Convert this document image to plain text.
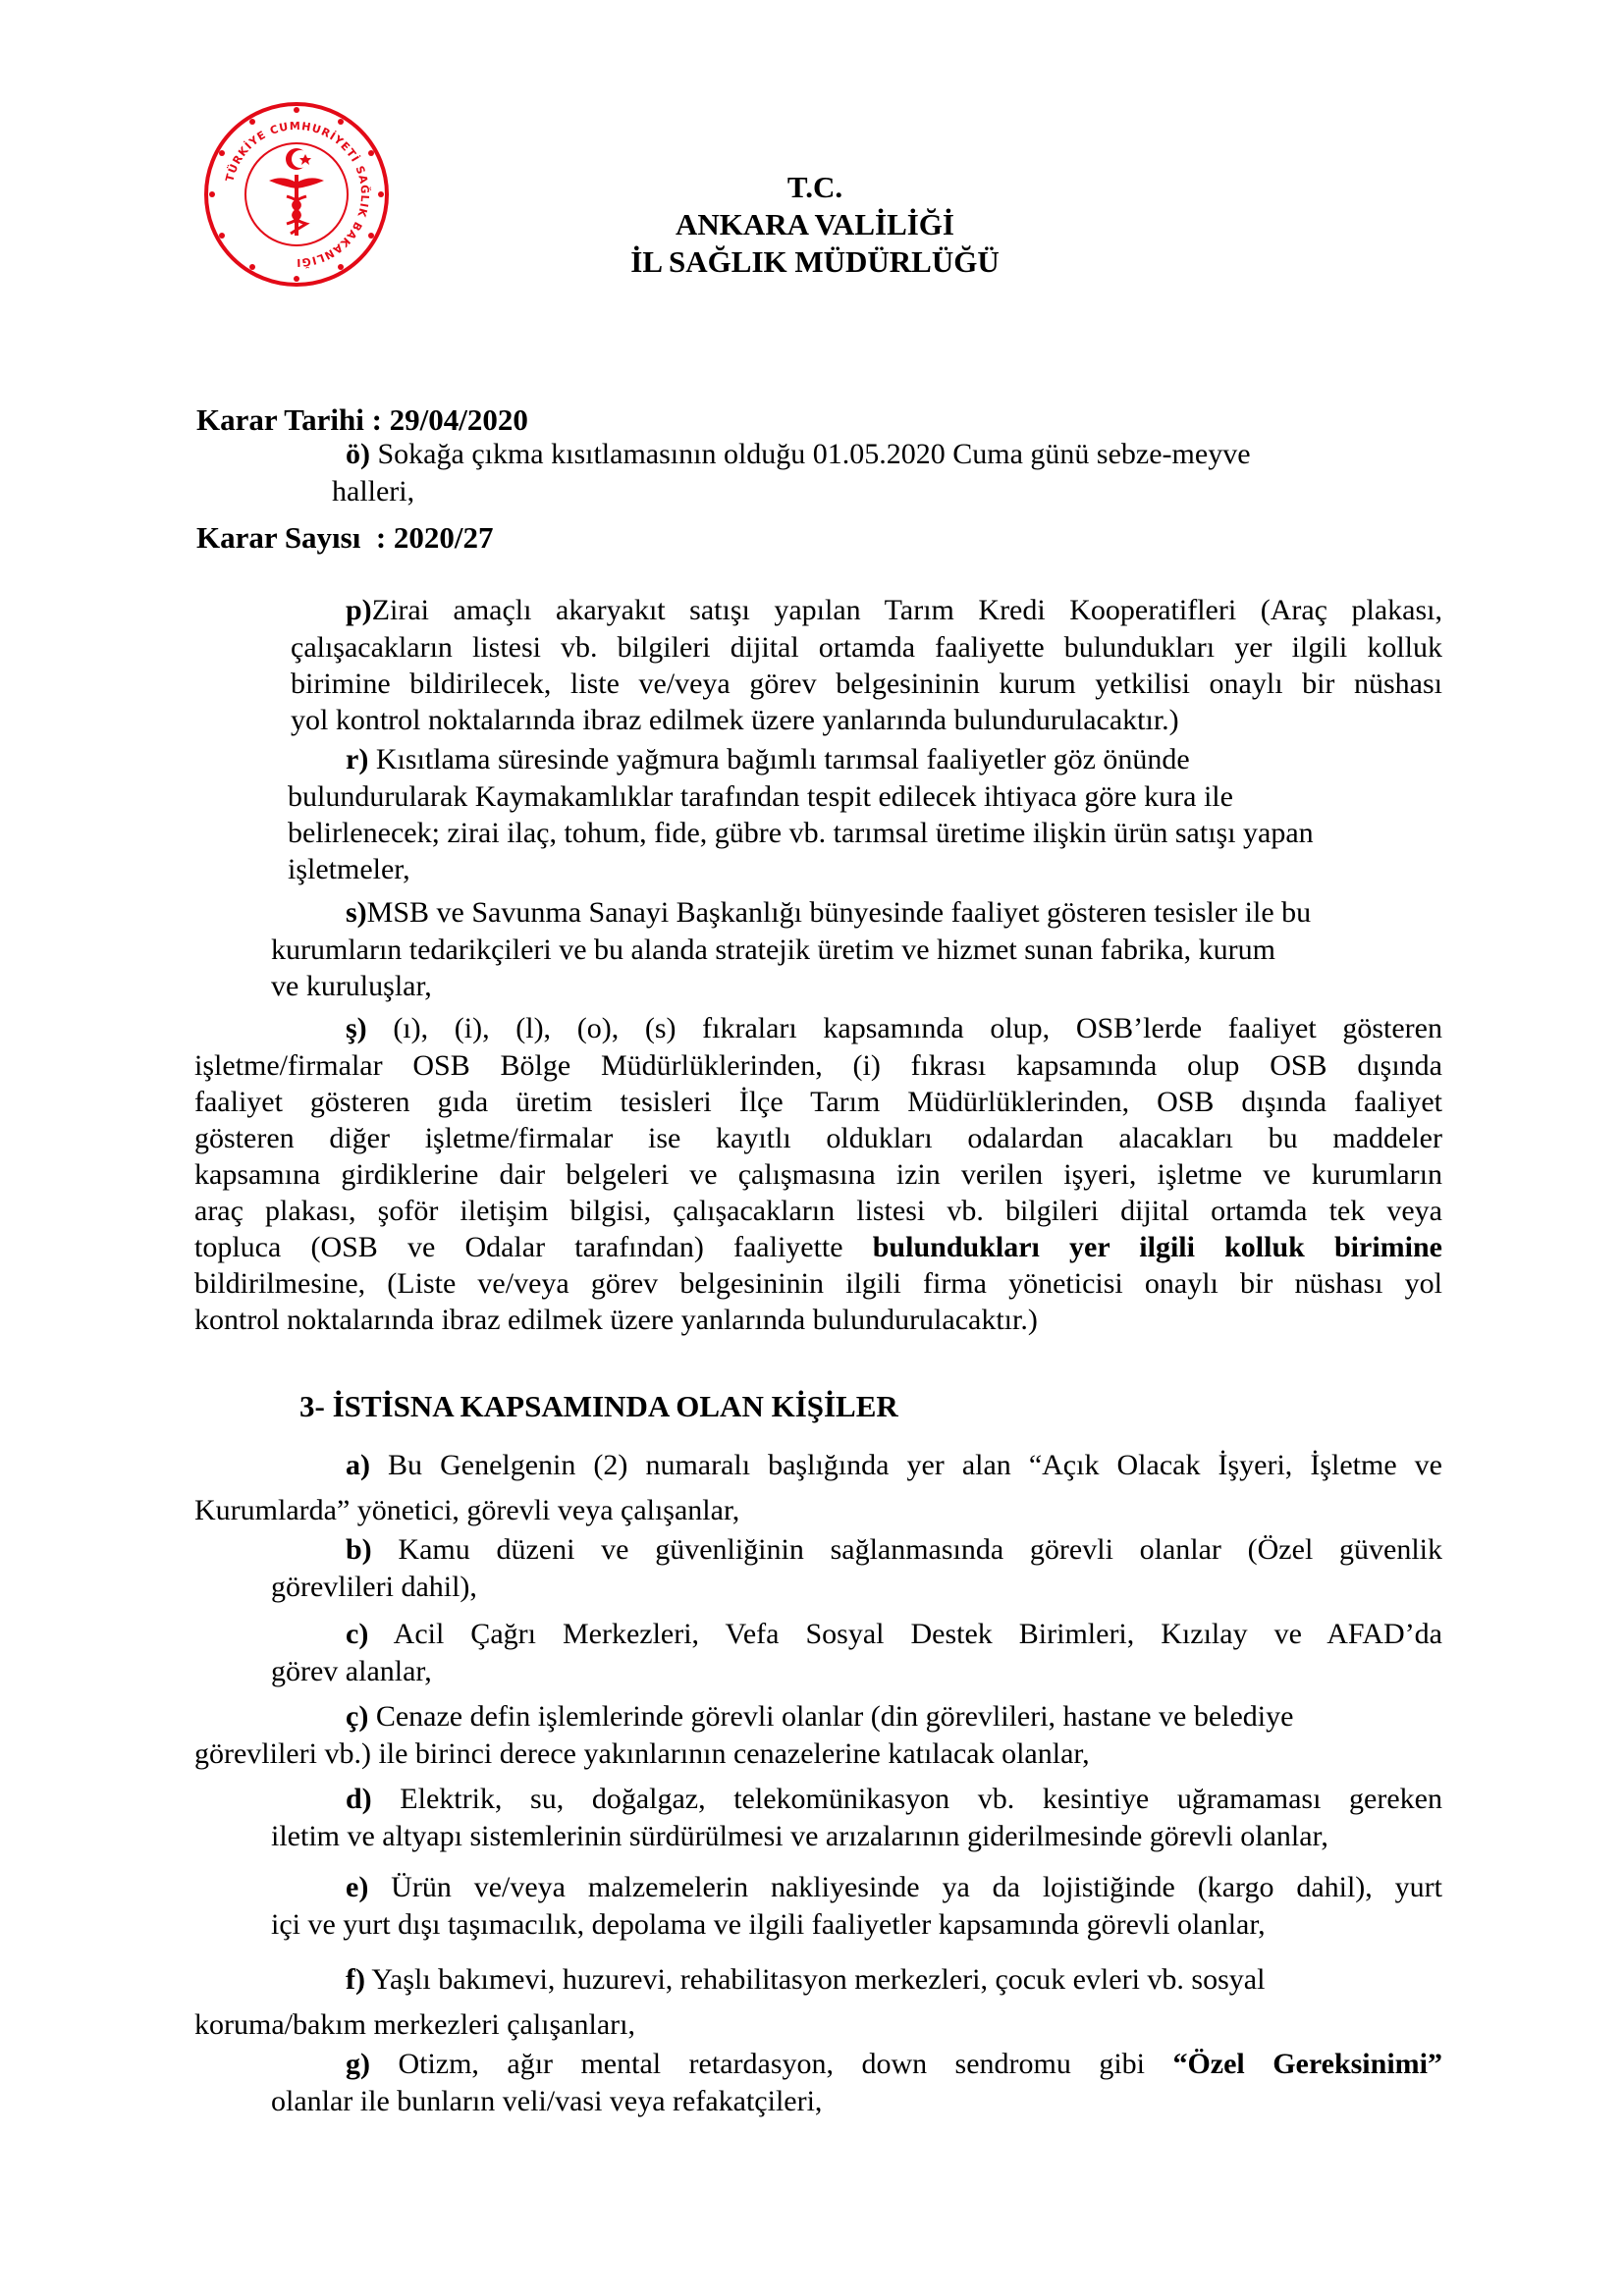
TÜRKİYE CUMHURİYETİ SAĞLIK BAKANLIĞI
T.C.
ANKARA VALİLİĞİ
İL SAĞLIK MÜDÜRLÜĞÜ

Karar Tarihi : 29/04/2020

Karar Sayısı  : 2020/27

ö) Sokağa çıkma kısıtlamasının olduğu 01.05.2020 Cuma günü sebze-meyve
halleri,
p)Zirai amaçlı akaryakıt satışı yapılan Tarım Kredi Kooperatifleri (Araç plakası,
çalışacakların listesi vb. bilgileri dijital ortamda faaliyette bulundukları yer ilgili kolluk
birimine bildirilecek, liste ve/veya görev belgesininin kurum yetkilisi onaylı bir nüshası
yol kontrol noktalarında ibraz edilmek üzere yanlarında bulundurulacaktır.)
r) Kısıtlama süresinde yağmura bağımlı tarımsal faaliyetler göz önünde
bulundurularak Kaymakamlıklar tarafından tespit edilecek ihtiyaca göre kura ile
belirlenecek; zirai ilaç, tohum, fide, gübre vb. tarımsal üretime ilişkin ürün satışı yapan
işletmeler,
s)MSB ve Savunma Sanayi Başkanlığı bünyesinde faaliyet gösteren tesisler ile bu
kurumların tedarikçileri ve bu alanda stratejik üretim ve hizmet sunan fabrika, kurum
ve kuruluşlar,
ş) (ı), (i), (l), (o), (s) fıkraları kapsamında olup, OSB’lerde faaliyet gösteren
işletme/firmalar OSB Bölge Müdürlüklerinden, (i) fıkrası kapsamında olup OSB dışında
faaliyet gösteren gıda üretim tesisleri İlçe Tarım Müdürlüklerinden, OSB dışında faaliyet
gösteren diğer işletme/firmalar ise kayıtlı oldukları odalardan alacakları bu maddeler
kapsamına girdiklerine dair belgeleri ve çalışmasına izin verilen işyeri, işletme ve kurumların
araç plakası, şoför iletişim bilgisi, çalışacakların listesi vb. bilgileri dijital ortamda tek veya
topluca (OSB ve Odalar tarafından) faaliyette bulundukları yer ilgili kolluk birimine
bildirilmesine, (Liste ve/veya görev belgesininin ilgili firma yöneticisi onaylı bir nüshası yol
kontrol noktalarında ibraz edilmek üzere yanlarında bulundurulacaktır.)
3- İSTİSNA KAPSAMINDA OLAN KİŞİLER
a) Bu Genelgenin (2) numaralı başlığında yer alan “Açık Olacak İşyeri, İşletme ve
Kurumlarda” yönetici, görevli veya çalışanlar,
b) Kamu düzeni ve güvenliğinin sağlanmasında görevli olanlar (Özel güvenlik
görevlileri dahil),
c) Acil Çağrı Merkezleri, Vefa Sosyal Destek Birimleri, Kızılay ve AFAD’da
görev alanlar,
ç) Cenaze defin işlemlerinde görevli olanlar (din görevlileri, hastane ve belediye
görevlileri vb.) ile birinci derece yakınlarının cenazelerine katılacak olanlar,
d) Elektrik, su, doğalgaz, telekomünikasyon vb. kesintiye uğramaması gereken
iletim ve altyapı sistemlerinin sürdürülmesi ve arızalarının giderilmesinde görevli olanlar,
e) Ürün ve/veya malzemelerin nakliyesinde ya da lojistiğinde (kargo dahil), yurt
içi ve yurt dışı taşımacılık, depolama ve ilgili faaliyetler kapsamında görevli olanlar,
f) Yaşlı bakımevi, huzurevi, rehabilitasyon merkezleri, çocuk evleri vb. sosyal
koruma/bakım merkezleri çalışanları,
g) Otizm, ağır mental retardasyon, down sendromu gibi “Özel Gereksinimi”
olanlar ile bunların veli/vasi veya refakatçileri,
